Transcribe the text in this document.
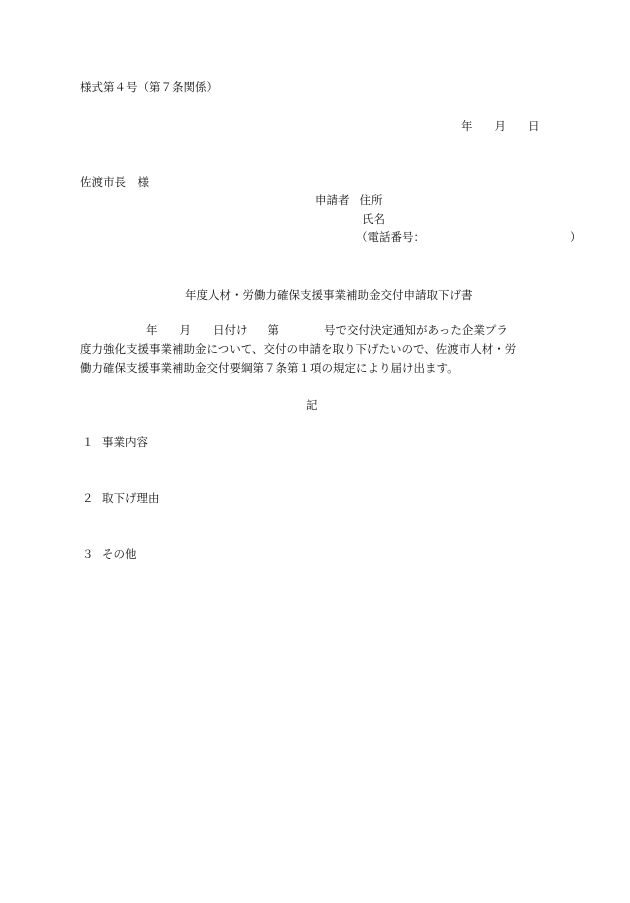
様式第４号（第７条関係）
年 月 日
佐渡市長　様
申請者 住所
氏名
（電話番号：	）
年度人材・労働力確保支援事業補助金交付申請取下げ書
年 月 日付け 第	号で交付決定通知があった企業プラ
度力強化支援事業補助金について、交付の申請を取り下げたいので、佐渡市人材・労
働力確保支援事業補助金交付要綱第７条第１項の規定により届け出ます。
記
１ 事業内容
２ 取下げ理由
３ その他
